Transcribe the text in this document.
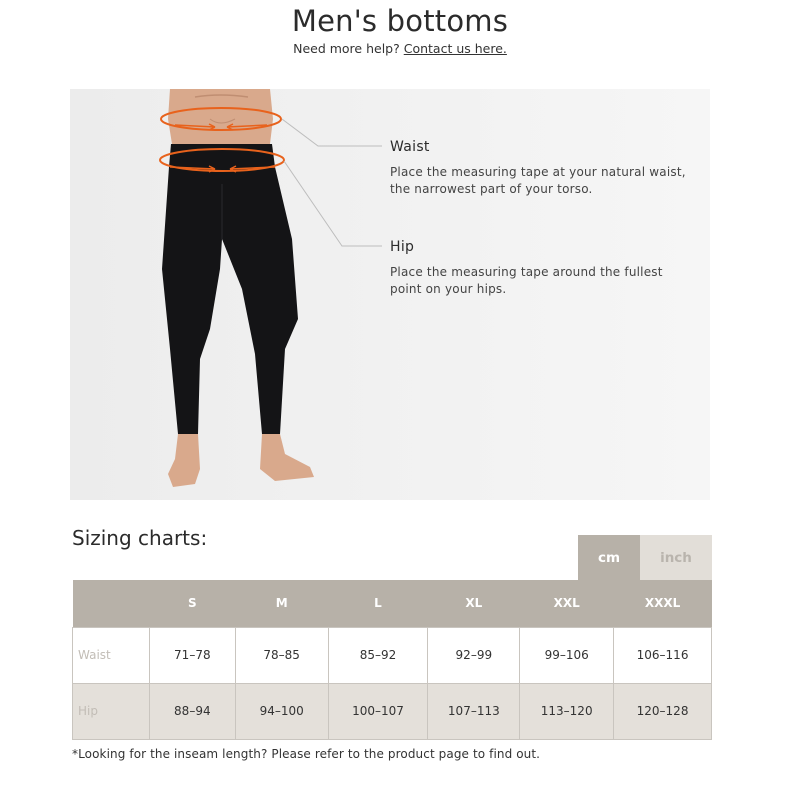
Men's bottoms
Need more help? Contact us here.
Waist
Place the measuring tape at your natural waist, the narrowest part of your torso.
Hip
Place the measuring tape around the fullest point on your hips.
Sizing charts:
cm	inch
	S	M	L	XL	XXL	XXXL
Waist	71–78	78–85	85–92	92–99	99–106	106–116
Hip	88–94	94–100	100–107	107–113	113–120	120–128
*Looking for the inseam length? Please refer to the product page to find out.
